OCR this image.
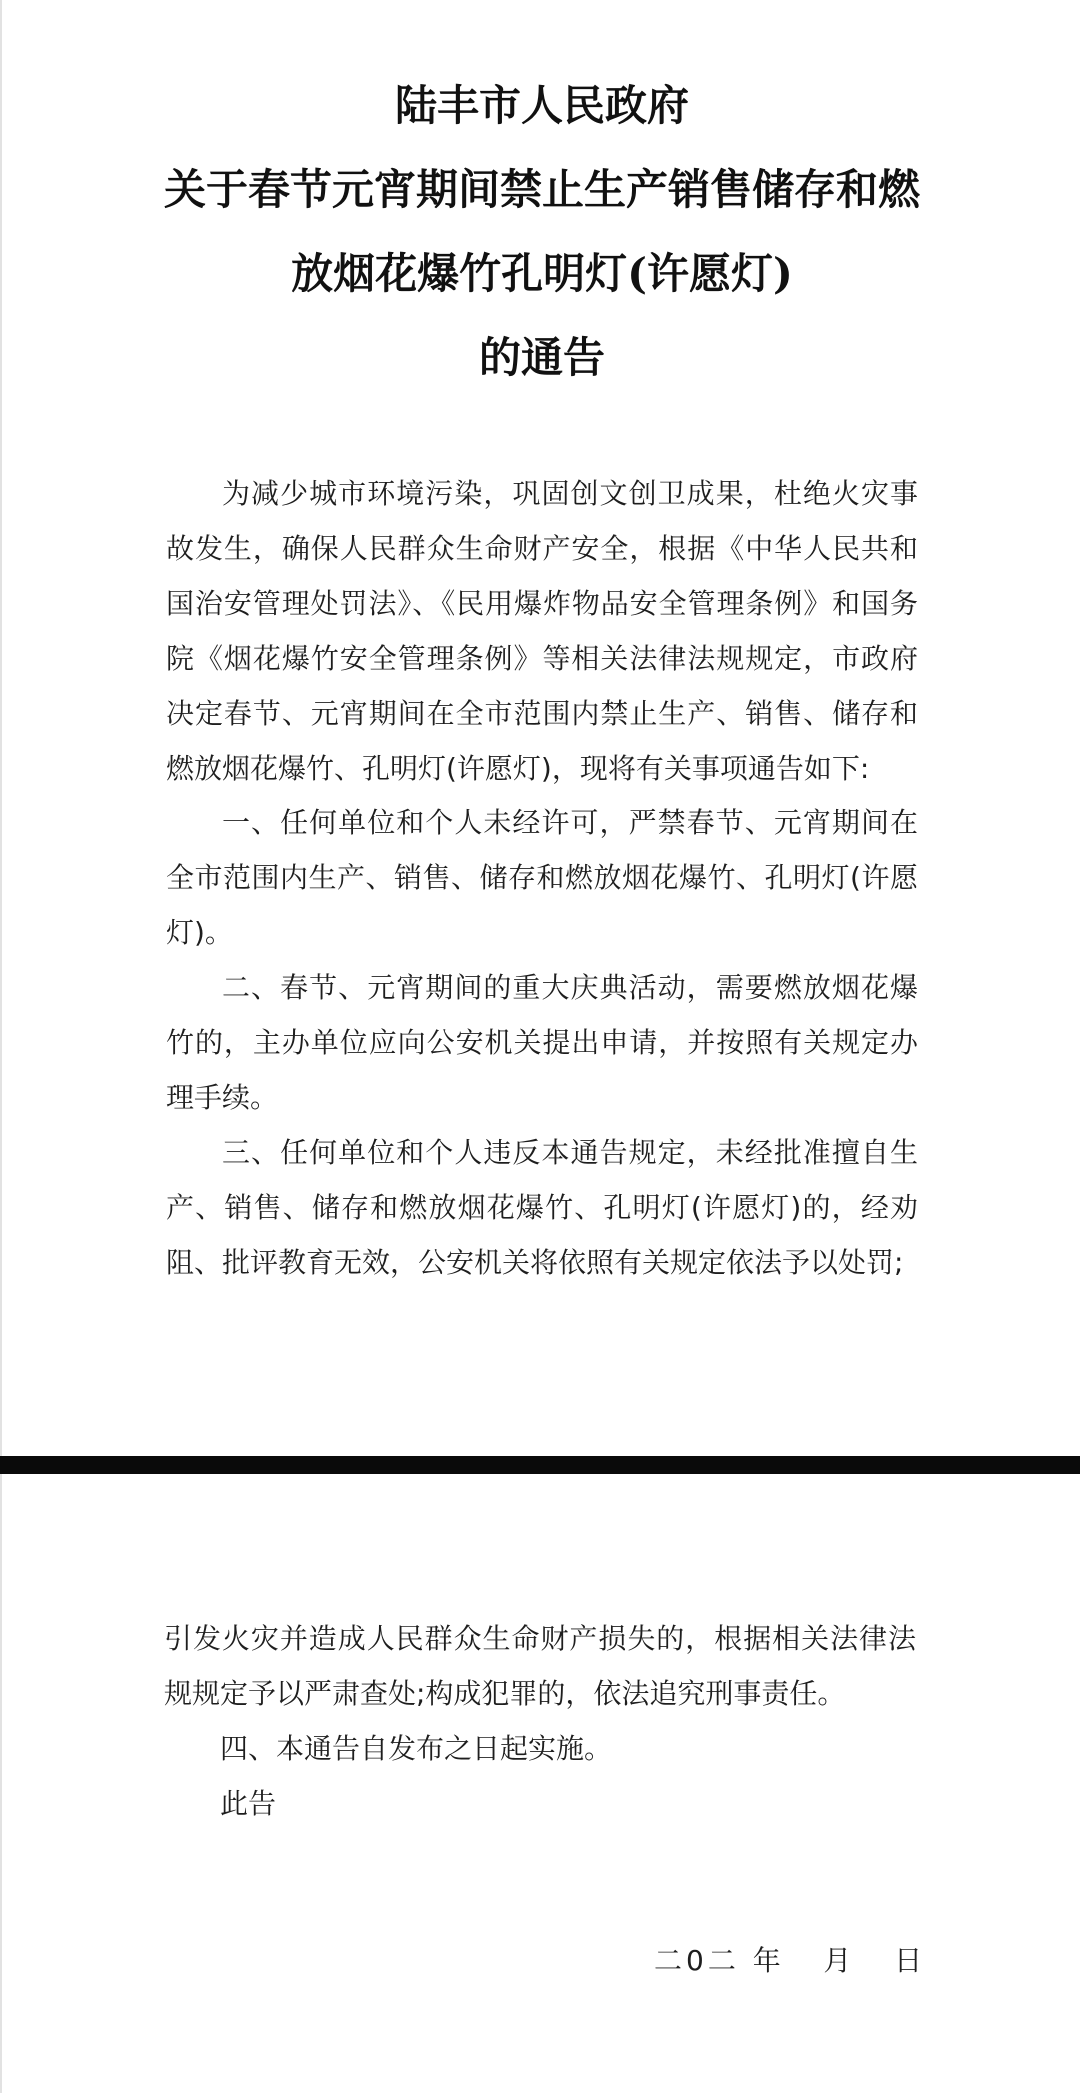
陆丰市人民政府
关于春节元宵期间禁止生产销售储存和燃
放烟花爆竹孔明灯(许愿灯)
的通告

为减少城市环境污染，巩固创文创卫成果，杜绝火灾事故发生，确保人民群众生命财产安全，根据《中华人民共和国治安管理处罚法》、《民用爆炸物品安全管理条例》和国务院《烟花爆竹安全管理条例》等相关法律法规规定，市政府决定春节、元宵期间在全市范围内禁止生产、销售、储存和燃放烟花爆竹、孔明灯(许愿灯)，现将有关事项通告如下:

一、任何单位和个人未经许可，严禁春节、元宵期间在全市范围内生产、销售、储存和燃放烟花爆竹、孔明灯(许愿灯)。

二、春节、元宵期间的重大庆典活动，需要燃放烟花爆竹的，主办单位应向公安机关提出申请，并按照有关规定办理手续。

三、任何单位和个人违反本通告规定，未经批准擅自生产、销售、储存和燃放烟花爆竹、孔明灯(许愿灯)的，经劝阻、批评教育无效，公安机关将依照有关规定依法予以处罚;

引发火灾并造成人民群众生命财产损失的，根据相关法律法规规定予以严肃查处;构成犯罪的，依法追究刑事责任。

四、本通告自发布之日起实施。

此告

二0二 年   月   日
